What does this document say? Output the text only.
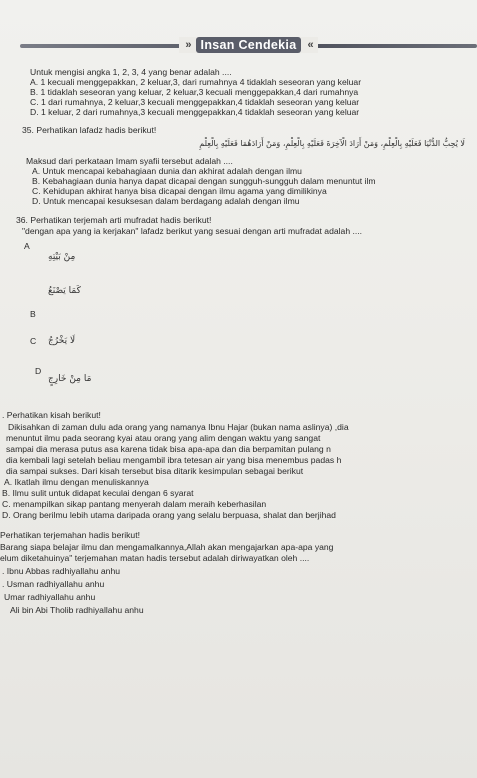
» Insan Cendekia	«
Untuk mengisi angka 1, 2, 3, 4 yang benar adalah ....
A. 1 kecuali menggepakkan, 2 keluar,3, dari rumahnya 4 tidaklah seseoran yang keluar
B. 1 tidaklah seseoran yang keluar, 2 keluar,3 kecuali menggepakkan,4 dari rumahnya
C. 1 dari rumahnya, 2 keluar,3 kecuali menggepakkan,4 tidaklah seseoran yang keluar
D. 1 keluar, 2 dari rumahnya,3 kecuali menggepakkan,4 tidaklah seseoran yang keluar
35. Perhatikan lafadz hadis berikut!
لَا يُحِبُّ الدُّنْيَا فَعَلَيْهِ بِالْعِلْمِ، وَمَنْ أَرَادَ الْآخِرَةَ فَعَلَيْهِ بِالْعِلْمِ، وَمَنْ أَرَادَهُمَا فَعَلَيْهِ بِالْعِلْمِ
Maksud dari perkataan Imam syafii tersebut adalah ....
A. Untuk mencapai kebahagiaan dunia dan akhirat adalah dengan ilmu
B. Kebahagiaan dunia hanya dapat dicapai dengan sungguh-sungguh dalam menuntut ilm
C. Kehidupan akhirat hanya bisa dicapai dengan ilmu agama yang dimilikinya
D. Untuk mencapai kesuksesan dalam berdagang adalah dengan ilmu
36. Perhatikan terjemah arti mufradat hadis berikut!
"dengan apa yang ia kerjakan" lafadz berikut yang sesuai dengan arti mufradat adalah ....
A
مِنْ بَيْتِهِ
B
كَمَا يَصْنَعُ
C لَا يَخْرُجُ
D
مَا مِنْ خَارِجٍ
. Perhatikan kisah berikut!
Dikisahkan di zaman dulu ada orang yang namanya Ibnu Hajar (bukan nama aslinya) ,dia
menuntut ilmu pada seorang kyai atau orang yang alim dengan waktu yang sangat
sampai dia merasa putus asa karena tidak bisa apa-apa dan dia berpamitan pulang n
dia kembali lagi setelah beliau mengambil ibra tetesan air yang bisa menembus padas h
dia sampai sukses. Dari kisah tersebut bisa ditarik kesimpulan sebagai berikut
A. Ikatlah ilmu dengan menuliskannya
B. Ilmu sulit untuk didapat keculai dengan 6 syarat
C. menampilkan sikap pantang menyerah dalam meraih keberhasilan
D. Orang berilmu lebih utama daripada orang yang selalu berpuasa, shalat dan berjihad
Perhatikan terjemahan hadis berikut!
Barang siapa belajar ilmu dan mengamalkannya,Allah akan mengajarkan apa-apa yang
elum diketahuinya" terjemahan matan hadis tersebut adalah diriwayatkan oleh ....
. Ibnu Abbas radhiyallahu anhu
. Usman radhiyallahu anhu
Umar radhiyallahu anhu
Ali bin Abi Tholib radhiyallahu anhu
